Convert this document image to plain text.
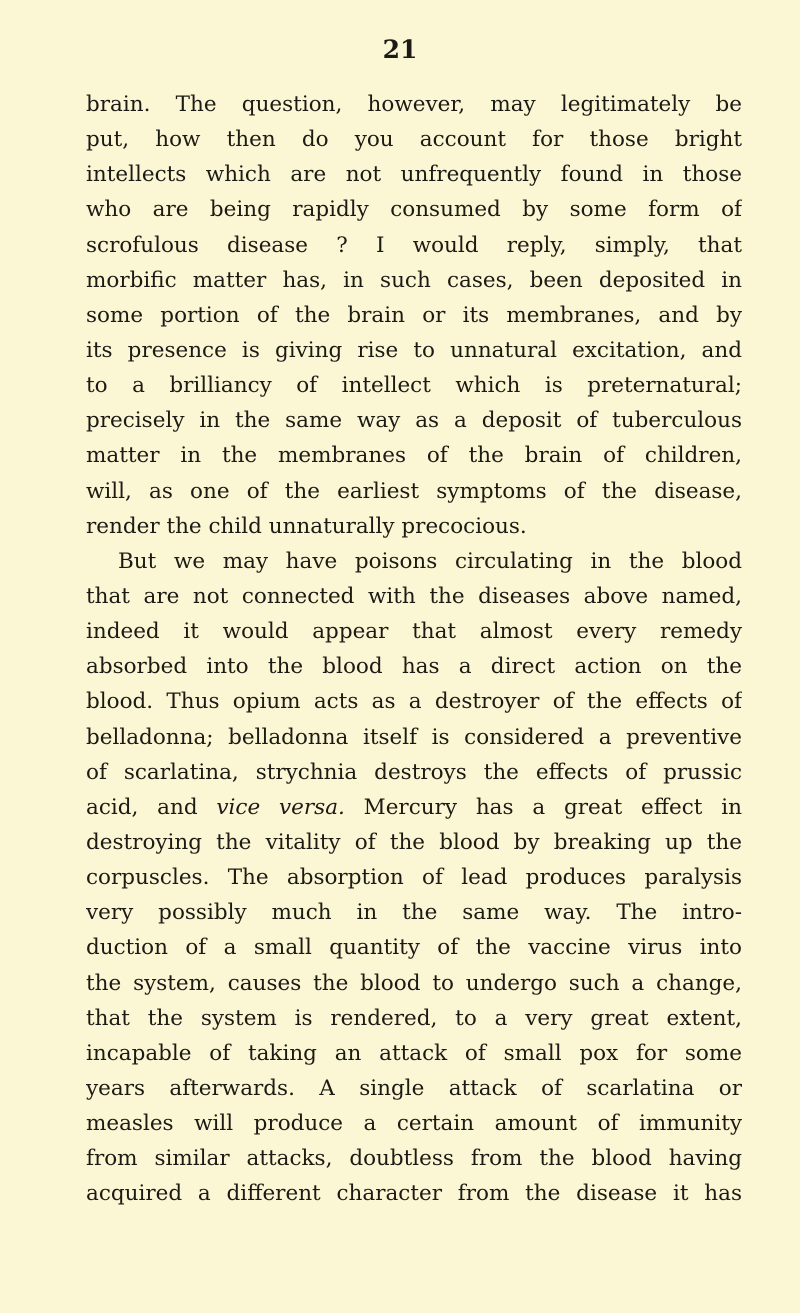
21
brain. The question, however, may legitimately be
put, how then do you account for those bright
intellects which are not unfrequently found in those
who are being rapidly consumed by some form of
scrofulous disease ? I would reply, simply, that
morbific matter has, in such cases, been deposited in
some portion of the brain or its membranes, and by
its presence is giving rise to unnatural excitation, and
to a brilliancy of intellect which is preternatural;
precisely in the same way as a deposit of tuberculous
matter in the membranes of the brain of children,
will, as one of the earliest symptoms of the disease,
render the child unnaturally precocious.
But we may have poisons circulating in the blood
that are not connected with the diseases above named,
indeed it would appear that almost every remedy
absorbed into the blood has a direct action on the
blood. Thus opium acts as a destroyer of the effects of
belladonna; belladonna itself is considered a preventive
of scarlatina, strychnia destroys the effects of prussic
acid, and vice versa. Mercury has a great effect in
destroying the vitality of the blood by breaking up the
corpuscles. The absorption of lead produces paralysis
very possibly much in the same way. The intro-
duction of a small quantity of the vaccine virus into
the system, causes the blood to undergo such a change,
that the system is rendered, to a very great extent,
incapable of taking an attack of small pox for some
years afterwards. A single attack of scarlatina or
measles will produce a certain amount of immunity
from similar attacks, doubtless from the blood having
acquired a different character from the disease it has
